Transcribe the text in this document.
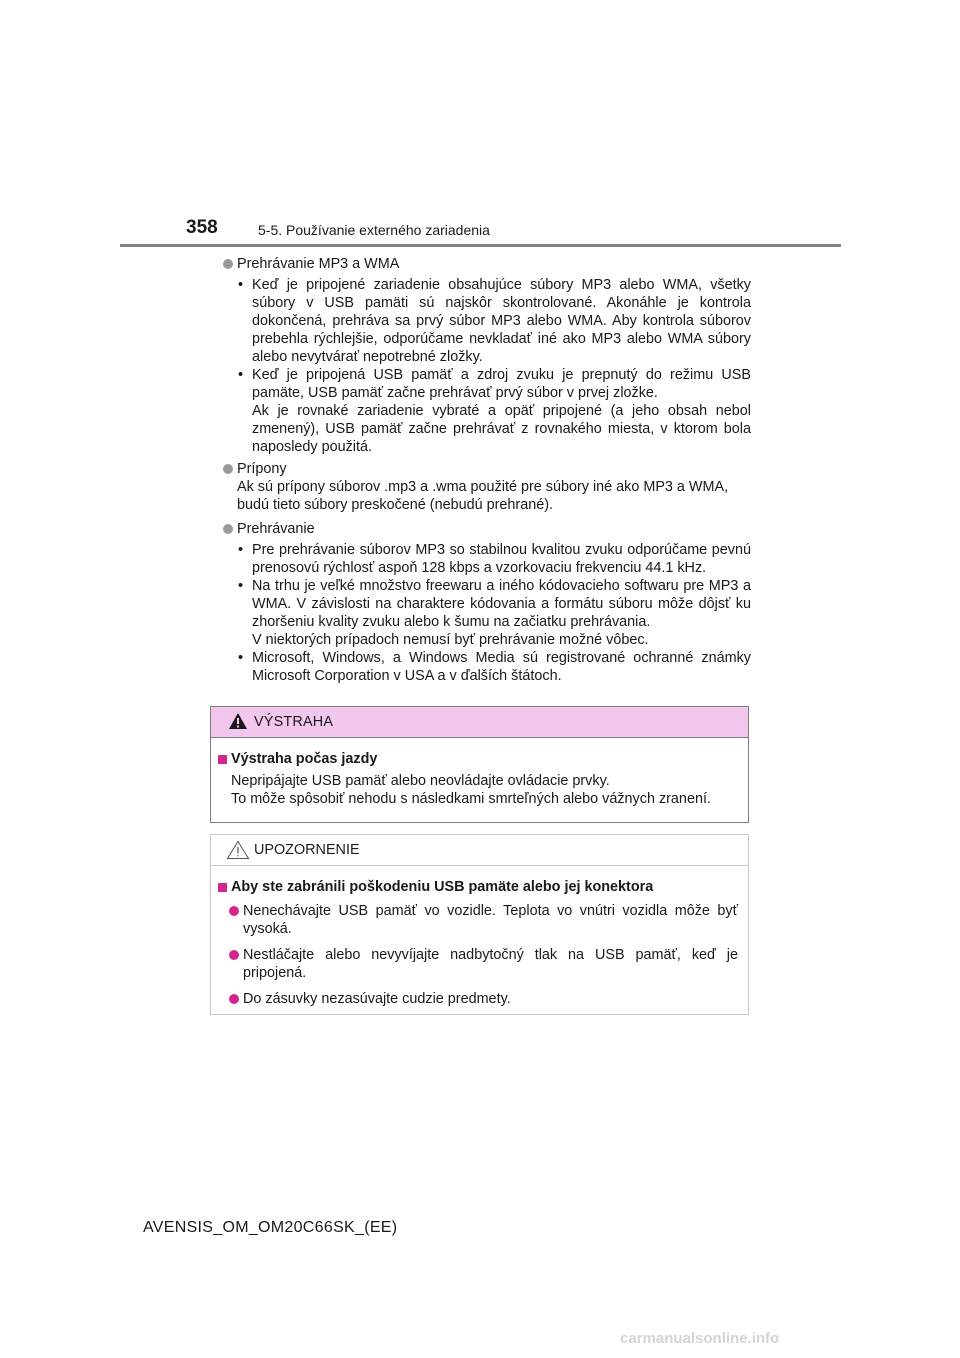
358	5-5. Používanie externého zariadenia
Prehrávanie MP3 a WMA
• Keď je pripojené zariadenie obsahujúce súbory MP3 alebo WMA, všetky súbory v USB pamäti sú najskôr skontrolované. Akonáhle je kontrola dokončená, prehráva sa prvý súbor MP3 alebo WMA. Aby kontrola súborov prebehla rýchlejšie, odporúčame nevkladať iné ako MP3 alebo WMA súbory alebo nevytvárať nepotrebné zložky.

• Keď je pripojená USB pamäť a zdroj zvuku je prepnutý do režimu USB pamäte, USB pamäť začne prehrávať prvý súbor v prvej zložke.

Ak je rovnaké zariadenie vybraté a opäť pripojené (a jeho obsah nebol zmenený), USB pamäť začne prehrávať z rovnakého miesta, v ktorom bola naposledy použitá.

Prípony
Ak sú prípony súborov .mp3 a .wma použité pre súbory iné ako MP3 a WMA, budú tieto súbory preskočené (nebudú prehrané).
Prehrávanie
• Pre prehrávanie súborov MP3 so stabilnou kvalitou zvuku odporúčame pevnú prenosovú rýchlosť aspoň 128 kbps a vzorkovaciu frekvenciu 44.1 kHz.

• Na trhu je veľké množstvo freewaru a iného kódovacieho softwaru pre MP3 a WMA. V závislosti na charaktere kódovania a formátu súboru môže dôjsť ku zhoršeniu kvality zvuku alebo k šumu na začiatku prehrávania.

V niektorých prípadoch nemusí byť prehrávanie možné vôbec.

• Microsoft, Windows, a Windows Media sú registrované ochranné známky Microsoft Corporation v USA a v ďalších štátoch.

VÝSTRAHA
Výstraha počas jazdy
Nepripájajte USB pamäť alebo neovládajte ovládacie prvky.
To môže spôsobiť nehodu s následkami smrteľných alebo vážnych zranení.
UPOZORNENIE
Aby ste zabránili poškodeniu USB pamäte alebo jej konektora
Nenechávajte USB pamäť vo vozidle. Teplota vo vnútri vozidla môže byť vysoká.
Nestláčajte alebo nevyvíjajte nadbytočný tlak na USB pamäť, keď je pripojená.
Do zásuvky nezasúvajte cudzie predmety.
AVENSIS_OM_OM20C66SK_(EE)
carmanualsonline.info
